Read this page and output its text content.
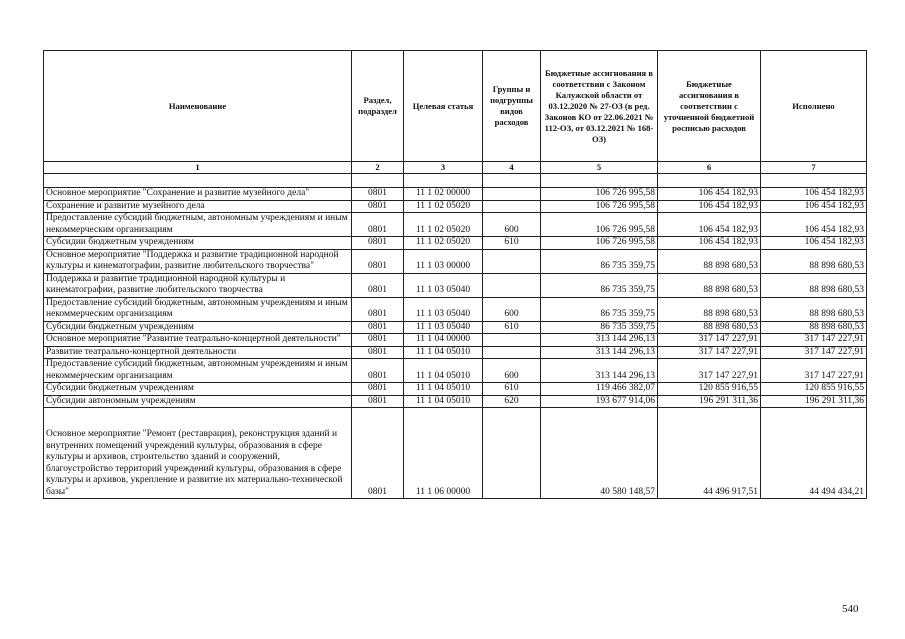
Наименование	Раздел, подраздел	Целевая статья	Группы и подгруппы видов расходов	Бюджетные ассигнования в соответствии с Законом Калужской области от 03.12.2020 № 27-ОЗ (в ред. Законов КО от 22.06.2021 № 112-ОЗ, от 03.12.2021 № 168-ОЗ)	Бюджетные ассигнования в соответствии с уточненной бюджетной росписью расходов	Исполнено
1	2	3	4	5	6	7

Основное мероприятие "Сохранение и развитие музейного дела"	0801	11 1 02 00000		106 726 995,58	106 454 182,93	106 454 182,93
Сохранение и развитие музейного дела	0801	11 1 02 05020		106 726 995,58	106 454 182,93	106 454 182,93
Предоставление субсидий бюджетным, автономным учреждениям и иным некоммерческим организациям	0801	11 1 02 05020	600	106 726 995,58	106 454 182,93	106 454 182,93
Субсидии бюджетным учреждениям	0801	11 1 02 05020	610	106 726 995,58	106 454 182,93	106 454 182,93
Основное мероприятие "Поддержка и развитие традиционной народной культуры и кинематографии, развитие любительского творчества"	0801	11 1 03 00000		86 735 359,75	88 898 680,53	88 898 680,53
Поддержка и развитие традиционной народной культуры и кинематографии, развитие любительского творчества	0801	11 1 03 05040		86 735 359,75	88 898 680,53	88 898 680,53
Предоставление субсидий бюджетным, автономным учреждениям и иным некоммерческим организациям	0801	11 1 03 05040	600	86 735 359,75	88 898 680,53	88 898 680,53
Субсидии бюджетным учреждениям	0801	11 1 03 05040	610	86 735 359,75	88 898 680,53	88 898 680,53
Основное мероприятие "Развитие театрально-концертной деятельности"	0801	11 1 04 00000		313 144 296,13	317 147 227,91	317 147 227,91
Развитие театрально-концертной деятельности	0801	11 1 04 05010		313 144 296,13	317 147 227,91	317 147 227,91
Предоставление субсидий бюджетным, автономным учреждениям и иным некоммерческим организациям	0801	11 1 04 05010	600	313 144 296,13	317 147 227,91	317 147 227,91
Субсидии бюджетным учреждениям	0801	11 1 04 05010	610	119 466 382,07	120 855 916,55	120 855 916,55
Субсидии автономным учреждениям	0801	11 1 04 05010	620	193 677 914,06	196 291 311,36	196 291 311,36
Основное мероприятие "Ремонт (реставрация), реконструкция зданий и внутренних помещений учреждений культуры, образования в сфере культуры и архивов, строительство зданий и сооружений, благоустройство территорий учреждений культуры, образования в сфере культуры и архивов, укрепление и развитие их материально-технической базы"	0801	11 1 06 00000		40 580 148,57	44 496 917,51	44 494 434,21
540
